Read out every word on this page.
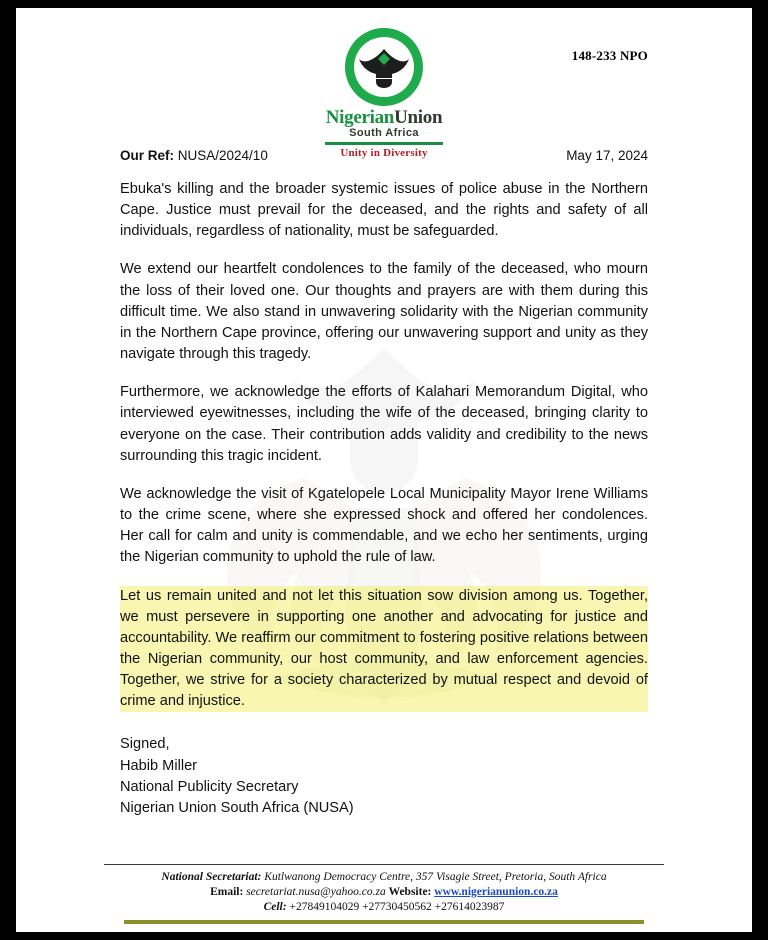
148-233 NPO
NigerianUnion
South Africa
Unity in Diversity
Our Ref: NUSA/2024/10	May 17, 2024

Ebuka's killing and the broader systemic issues of police abuse in the Northern Cape. Justice must prevail for the deceased, and the rights and safety of all individuals, regardless of nationality, must be safeguarded.

We extend our heartfelt condolences to the family of the deceased, who mourn the loss of their loved one. Our thoughts and prayers are with them during this difficult time. We also stand in unwavering solidarity with the Nigerian community in the Northern Cape province, offering our unwavering support and unity as they navigate through this tragedy.

Furthermore, we acknowledge the efforts of Kalahari Memorandum Digital, who interviewed eyewitnesses, including the wife of the deceased, bringing clarity to everyone on the case. Their contribution adds validity and credibility to the news surrounding this tragic incident.

We acknowledge the visit of Kgatelopele Local Municipality Mayor Irene Williams to the crime scene, where she expressed shock and offered her condolences. Her call for calm and unity is commendable, and we echo her sentiments, urging the Nigerian community to uphold the rule of law.

Let us remain united and not let this situation sow division among us. Together, we must persevere in supporting one another and advocating for justice and accountability. We reaffirm our commitment to fostering positive relations between the Nigerian community, our host community, and law enforcement agencies. Together, we strive for a society characterized by mutual respect and devoid of crime and injustice.

Signed,
Habib Miller
National Publicity Secretary
Nigerian Union South Africa (NUSA)
National Secretariat: Kutlwanong Democracy Centre, 357 Visagie Street, Pretoria, South Africa
Email: secretariat.nusa@yahoo.co.za Website: www.nigerianunion.co.za
Cell: +27849104029 +27730450562 +27614023987
